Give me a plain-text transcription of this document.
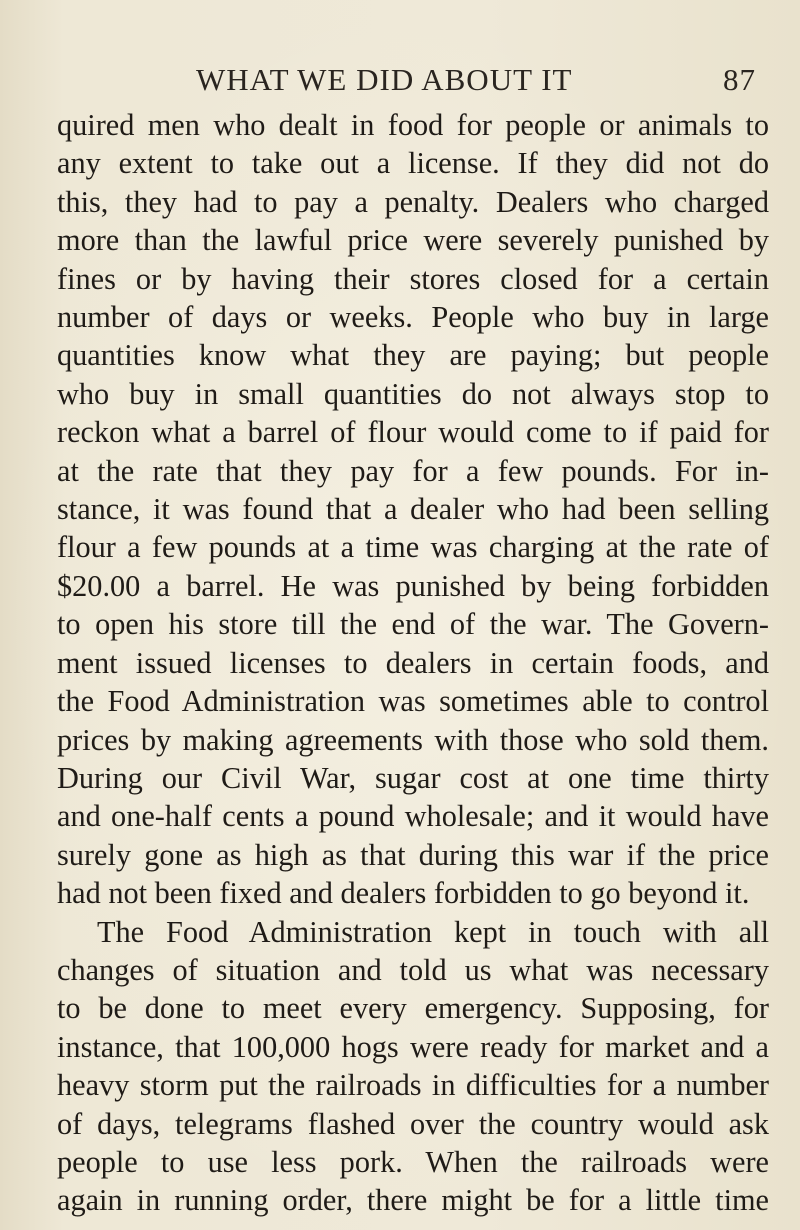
WHAT WE DID ABOUT IT	87
quired men who dealt in food for people or animals to
any extent to take out a license. If they did not do
this, they had to pay a penalty. Dealers who charged
more than the lawful price were severely punished by
fines or by having their stores closed for a certain
number of days or weeks. People who buy in large
quantities know what they are paying; but people
who buy in small quantities do not always stop to
reckon what a barrel of flour would come to if paid for
at the rate that they pay for a few pounds. For in-
stance, it was found that a dealer who had been selling
flour a few pounds at a time was charging at the rate of
$20.00 a barrel. He was punished by being forbidden
to open his store till the end of the war. The Govern-
ment issued licenses to dealers in certain foods, and
the Food Administration was sometimes able to control
prices by making agreements with those who sold them.
During our Civil War, sugar cost at one time thirty
and one-half cents a pound wholesale; and it would have
surely gone as high as that during this war if the price
had not been fixed and dealers forbidden to go beyond it.
The Food Administration kept in touch with all
changes of situation and told us what was necessary
to be done to meet every emergency. Supposing, for
instance, that 100,000 hogs were ready for market and a
heavy storm put the railroads in difficulties for a number
of days, telegrams flashed over the country would ask
people to use less pork. When the railroads were
again in running order, there might be for a little time
